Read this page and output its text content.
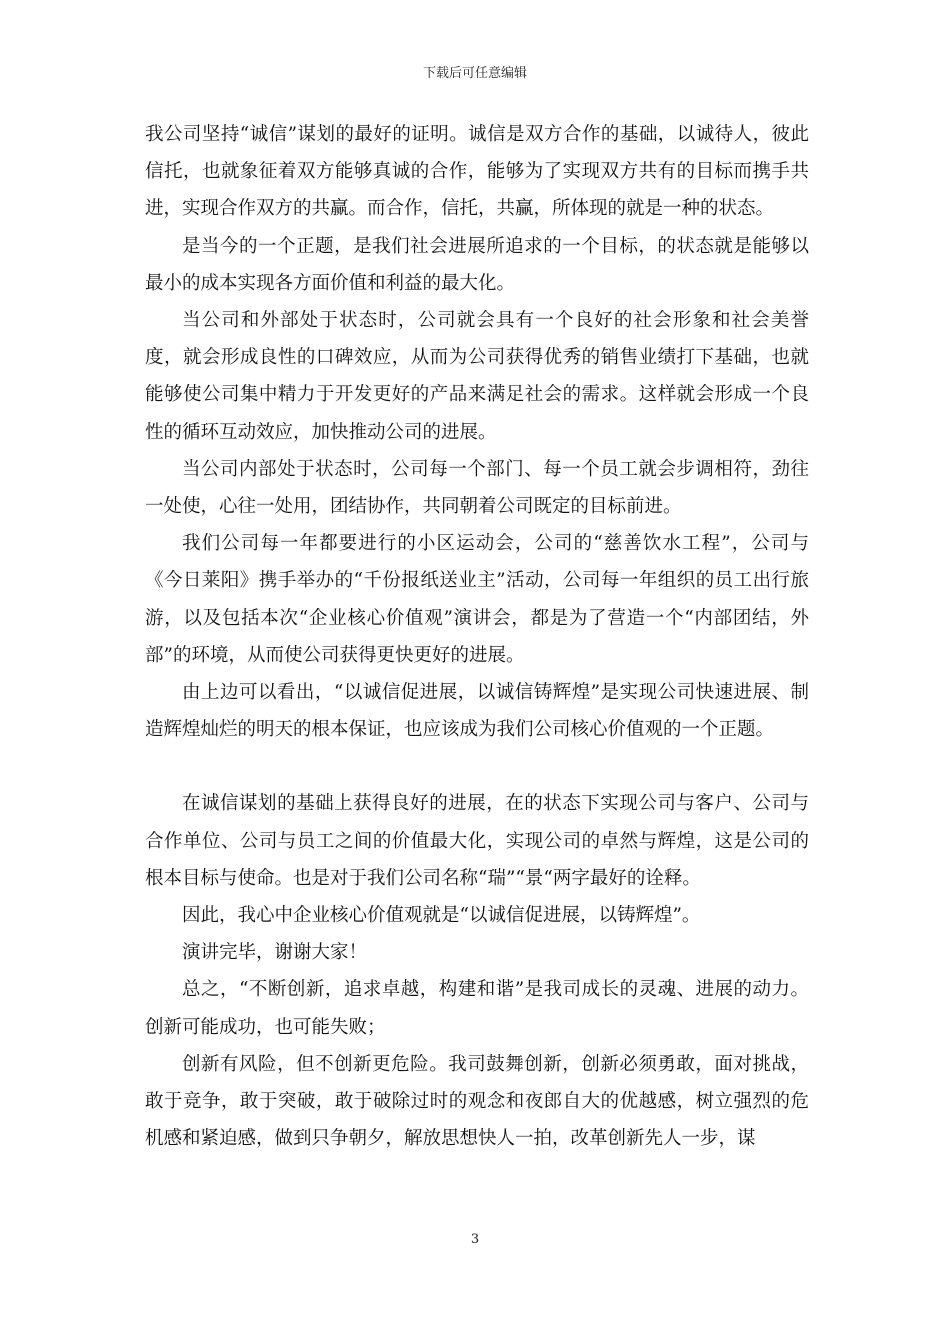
下载后可任意编辑

我公司坚持“诚信”谋划的最好的证明。诚信是双方合作的基础，以诚待人，彼此信托，也就象征着双方能够真诚的合作，能够为了实现双方共有的目标而携手共进，实现合作双方的共赢。而合作，信托，共赢，所体现的就是一种的状态。

是当今的一个正题，是我们社会进展所追求的一个目标，的状态就是能够以最小的成本实现各方面价值和利益的最大化。

当公司和外部处于状态时，公司就会具有一个良好的社会形象和社会美誉度，就会形成良性的口碑效应，从而为公司获得优秀的销售业绩打下基础，也就能够使公司集中精力于开发更好的产品来满足社会的需求。这样就会形成一个良性的循环互动效应，加快推动公司的进展。

当公司内部处于状态时，公司每一个部门、每一个员工就会步调相符，劲往一处使，心往一处用，团结协作，共同朝着公司既定的目标前进。

我们公司每一年都要进行的小区运动会，公司的“慈善饮水工程”，公司与《今日莱阳》携手举办的“千份报纸送业主”活动，公司每一年组织的员工出行旅游，以及包括本次“企业核心价值观”演讲会，都是为了营造一个“内部团结，外部”的环境，从而使公司获得更快更好的进展。

由上边可以看出，“以诚信促进展，以诚信铸辉煌”是实现公司快速进展、制造辉煌灿烂的明天的根本保证，也应该成为我们公司核心价值观的一个正题。

在诚信谋划的基础上获得良好的进展，在的状态下实现公司与客户、公司与合作单位、公司与员工之间的价值最大化，实现公司的卓然与辉煌，这是公司的根本目标与使命。也是对于我们公司名称“瑞”“景“两字最好的诠释。

因此，我心中企业核心价值观就是“以诚信促进展，以铸辉煌”。

演讲完毕，谢谢大家！

总之，“不断创新，追求卓越，构建和谐”是我司成长的灵魂、进展的动力。创新可能成功，也可能失败；

创新有风险，但不创新更危险。我司鼓舞创新，创新必须勇敢，面对挑战，敢于竞争，敢于突破，敢于破除过时的观念和夜郎自大的优越感，树立强烈的危机感和紧迫感，做到只争朝夕，解放思想快人一拍，改革创新先人一步，谋

3
